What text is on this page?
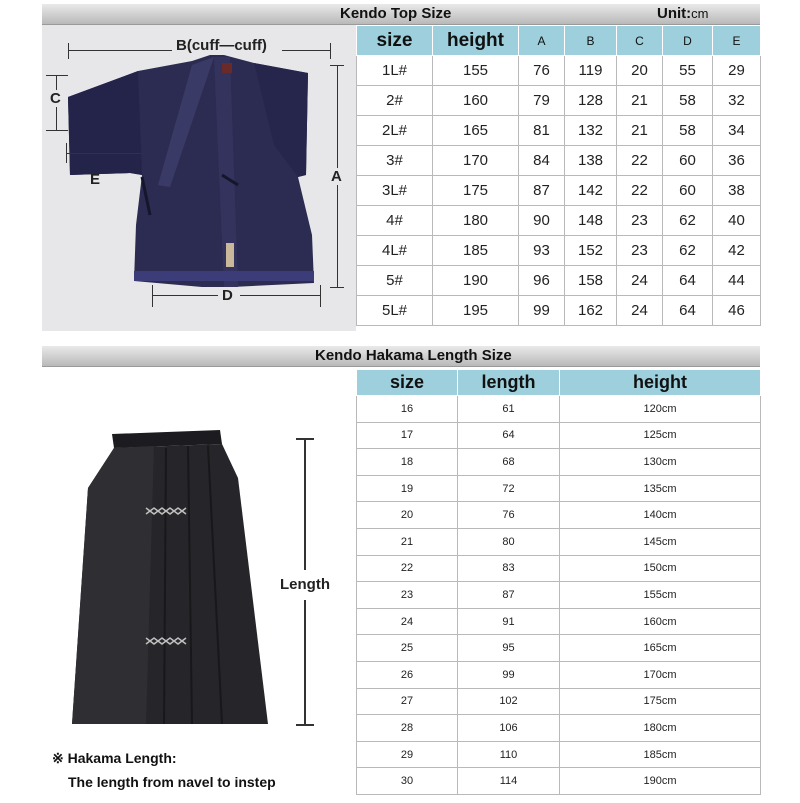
Kendo Top Size	Unit:cm
B(cuff—cuff)
C
E	A
D
size	height	A	B	C	D	E
1L#	155	76	119	20	55	29
2#	160	79	128	21	58	32
2L#	165	81	132	21	58	34
3#	170	84	138	22	60	36
3L#	175	87	142	22	60	38
4#	180	90	148	23	62	40
4L#	185	93	152	23	62	42
5#	190	96	158	24	64	44
5L#	195	99	162	24	64	46
Kendo Hakama Length Size
Length
※ Hakama Length:
The length from navel to instep
size	length	height
16	61	120cm
17	64	125cm
18	68	130cm
19	72	135cm
20	76	140cm
21	80	145cm
22	83	150cm
23	87	155cm
24	91	160cm
25	95	165cm
26	99	170cm
27	102	175cm
28	106	180cm
29	110	185cm
30	114	190cm
